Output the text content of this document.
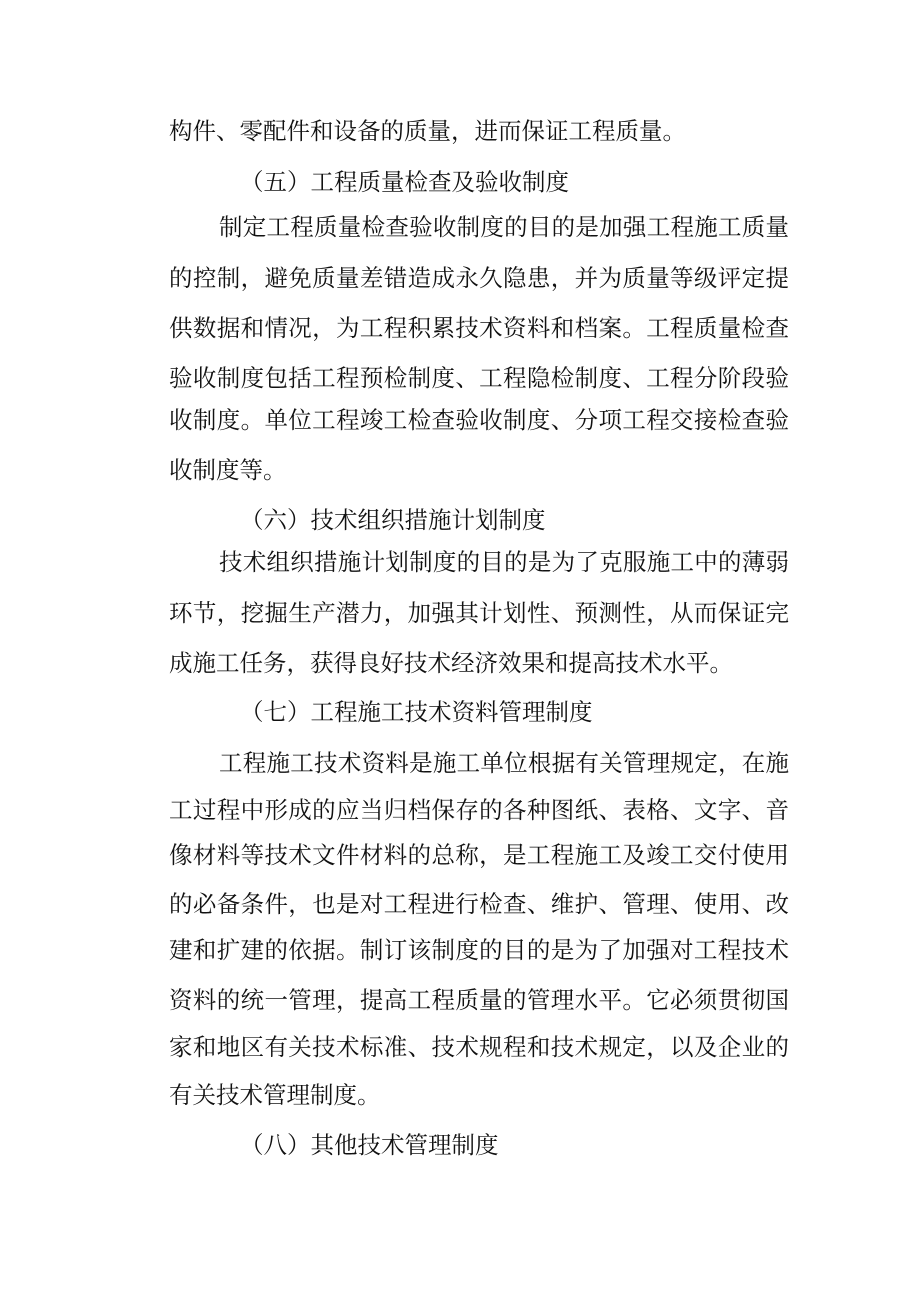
构件、零配件和设备的质量，进而保证工程质量。
（五）工程质量检查及验收制度
制定工程质量检查验收制度的目的是加强工程施工质量
的控制，避免质量差错造成永久隐患，并为质量等级评定提
供数据和情况，为工程积累技术资料和档案。工程质量检查
验收制度包括工程预检制度、工程隐检制度、工程分阶段验
收制度。单位工程竣工检查验收制度、分项工程交接检查验
收制度等。
（六）技术组织措施计划制度
技术组织措施计划制度的目的是为了克服施工中的薄弱
环节，挖掘生产潜力，加强其计划性、预测性，从而保证完
成施工任务，获得良好技术经济效果和提高技术水平。
（七）工程施工技术资料管理制度
工程施工技术资料是施工单位根据有关管理规定，在施
工过程中形成的应当归档保存的各种图纸、表格、文字、音
像材料等技术文件材料的总称，是工程施工及竣工交付使用
的必备条件，也是对工程进行检查、维护、管理、使用、改
建和扩建的依据。制订该制度的目的是为了加强对工程技术
资料的统一管理，提高工程质量的管理水平。它必须贯彻国
家和地区有关技术标准、技术规程和技术规定，以及企业的
有关技术管理制度。
（八）其他技术管理制度
